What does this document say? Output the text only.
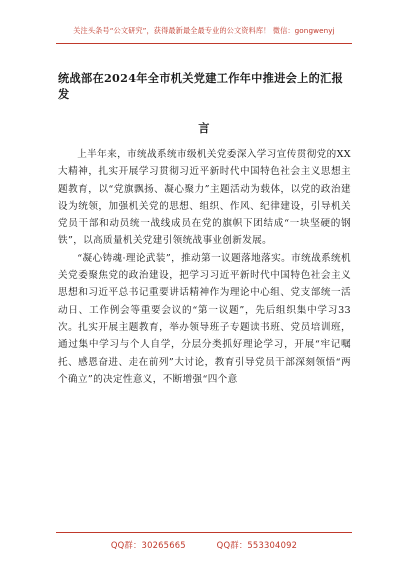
关注头条号“公文研究”，获得最新最全最专业的公文资料库！ 微信：gongwenyj
统战部在2024年全市机关党建工作年中推进会上的汇报发
言

上半年来，市统战系统市级机关党委深入学习宣传贯彻党的XX大精神，扎实开展学习贯彻习近平新时代中国特色社会主义思想主题教育，以“党旗飘扬、凝心聚力”主题活动为载体，以党的政治建设为统领，加强机关党的思想、组织、作风、纪律建设，引导机关党员干部和动员统一战线成员在党的旗帜下团结成“一块坚硬的钢铁”，以高质量机关党建引领统战事业创新发展。

“凝心铸魂·理论武装”，推动第一议题落地落实。市统战系统机关党委聚焦党的政治建设，把学习习近平新时代中国特色社会主义思想和习近平总书记重要讲话精神作为理论中心组、党支部统一活动日、工作例会等重要会议的“第一议题”，先后组织集中学习33次。扎实开展主题教育，举办领导班子专题读书班、党员培训班，通过集中学习与个人自学，分层分类抓好理论学习，开展“牢记嘱托、感恩奋进、走在前列”大讨论，教育引导党员干部深刻领悟“两个确立”的决定性意义，不断增强“四个意

QQ群：30265665	QQ群：553304092
